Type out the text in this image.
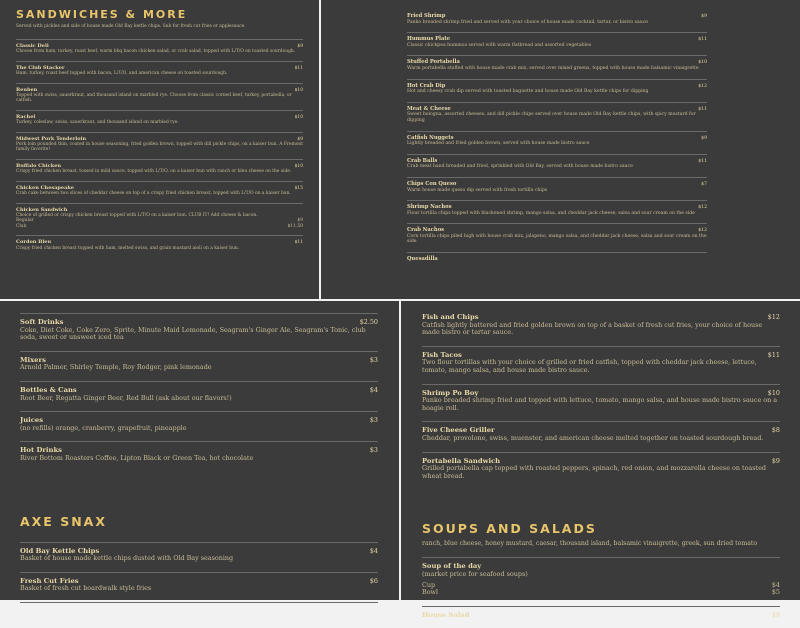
SANDWICHES & MORE
Served with pickles and side of house made Old Bay kettle chips. Sub for fresh cut fries or applesauce.
Classic Deli	$9
Choose from ham, turkey, roast beef, warm bbq bacon chicken salad, or crab salad, topped with L/T/O on toasted sourdough.
The Club Stacker	$11
Ham, turkey, roast beef topped with bacon, L/T/O, and american cheese on toasted sourdough.
Reuben	$10
Topped with swiss, sauerkraut, and thousand island on marbled rye. Choose from classic corned beef, turkey, portabella, or catfish.
Rachel	$10
Turkey, coleslaw, swiss, sauerkraut, and thousand island on marbled rye.
Midwest Pork Tenderloin	$9
Pork loin pounded thin, coated in house seasoning, fried golden brown, topped with dill pickle chips, on a kaiser bun. A Fremont family favorite!
Buffalo Chicken	$10
Crispy fried chicken breast, tossed in mild sauce, topped with L/T/O, on a kaiser bun with ranch or bleu cheese on the side.
Chicken Chesapeake	$15
Crab cake between two slices of cheddar cheese on top of a crispy fried chicken breast, topped with L/T/O on a kaiser bun.
Chicken Sandwich
Choice of grilled or crispy chicken breast topped with L/T/O on a kaiser bun. CLUB IT! Add cheese & bacon.
Regular	$9
Club	$11.50
Cordon Bleu	$11
Crispy fried chicken breast topped with ham, melted swiss, and grain mustard aioli on a kaiser bun.
Fried Shrimp	$9
Panko breaded shrimp fried and served with your choice of house made cocktail, tartar, or bistro sauce
Hummus Plate	$11
Classic chickpea hummus served with warm flatbread and assorted vegetables
Stuffed Portabella	$10
Warm portabella stuffed with house made crab mix, served over mixed greens, topped with house made balsamic vinaigrette
Hot Crab Dip	$12
Hot and cheesy crab dip served with toasted baguette and house made Old Bay kettle chips for dipping
Meat & Cheese	$11
Sweet bologna, assorted cheeses, and dill pickle chips served over house made Old Bay kettle chips, with spicy mustard for dipping
Catfish Nuggets	$9
Lightly breaded and fried golden brown, served with house made bistro sauce
Crab Balls	$11
Crab meat hand breaded and fried, sprinkled with Old Bay, served with house made bistro sauce
Chips Con Queso	$7
Warm house made queso dip served with fresh tortilla chips
Shrimp Nachos	$12
Flour tortilla chips topped with blackened shrimp, mango salsa, and cheddar jack cheese, salsa and sour cream on the side
Crab Nachos	$12
Corn tortilla chips piled high with house crab mix, jalapeno, mango salsa, and cheddar jack cheese, salsa and sour cream on the side
Quesadilla
Soft Drinks	$2.50
Coke, Diet Coke, Coke Zero, Sprite, Minute Maid Lemonade, Seagram's Ginger Ale, Seagram's Tonic, club soda, sweet or unsweet iced tea
Mixers	$3
Arnold Palmer, Shirley Temple, Roy Rodger, pink lemonade
Bottles & Cans	$4
Root Beer, Regatta Ginger Beer, Red Bull (ask about our flavors!)
Juices	$3
(no refills) orange, cranberry, grapefruit, pineapple
Hot Drinks	$3
River Bottom Roasters Coffee, Lipton Black or Green Tea, hot chocolate
AXE SNAX
Old Bay Kettle Chips	$4
Basket of house made kettle chips dusted with Old Bay seasoning
Fresh Cut Fries	$6
Basket of fresh cut boardwalk style fries
Fish and Chips	$12
Catfish lightly battered and fried golden brown on top of a basket of fresh cut fries, your choice of house made bistro or tartar sauce.
Fish Tacos	$11
Two flour tortillas with your choice of grilled or fried catfish, topped with cheddar jack cheese, lettuce, tomato, mango salsa, and house made bistro sauce.
Shrimp Po Boy	$10
Panko breaded shrimp fried and topped with lettuce, tomato, mango salsa, and house made bistro sauce on a hoagie roll.
Five Cheese Griller	$8
Cheddar, provolone, swiss, muenster, and american cheese melted together on toasted sourdough bread.
Portabella Sandwich	$9
Grilled portabella cap topped with roasted peppers, spinach, red onion, and mozzarella cheese on toasted wheat bread.
SOUPS AND SALADS
ranch, blue cheese, honey mustard, caesar, thousand island, balsamic vinaigrette, greek, sun dried tomato
Soup of the day
(market price for seafood soups)
Cup	$4
Bowl	$5
House Salad	$9
